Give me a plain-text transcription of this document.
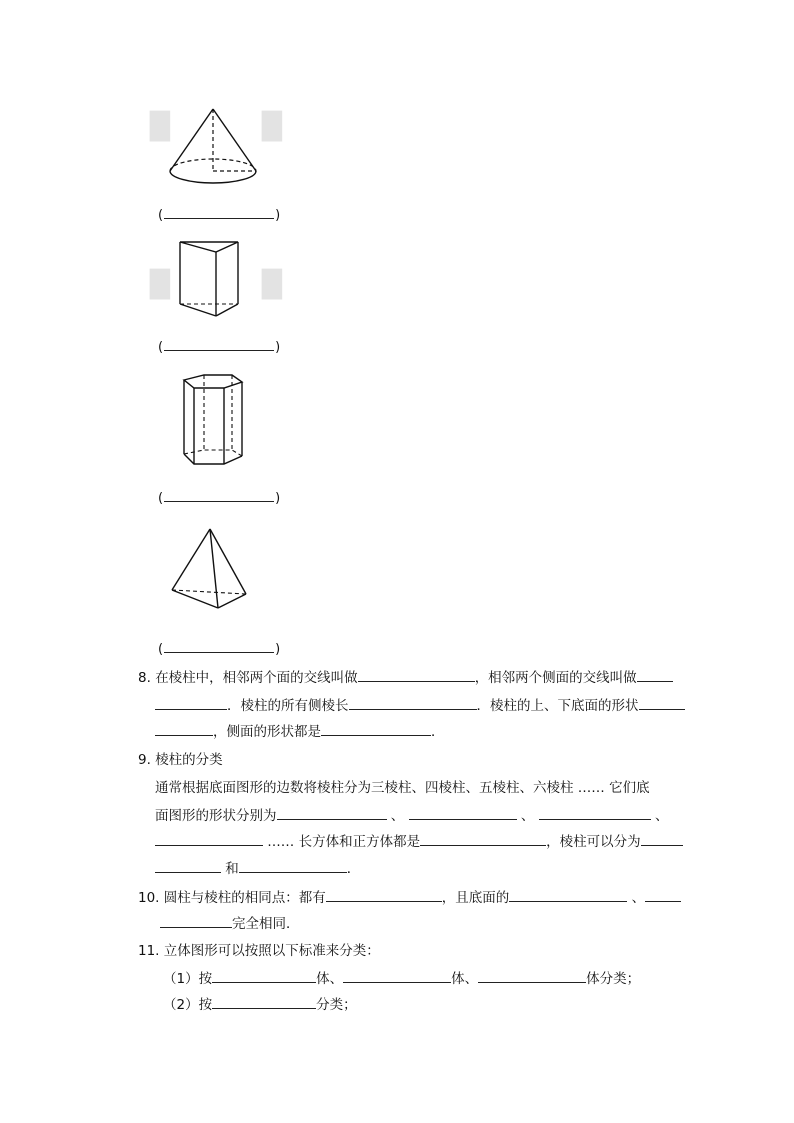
█	█
█	█
(	)
(	)
(	)
(	)
8. 在棱柱中，相邻两个面的交线叫做	，相邻两个侧面的交线叫做
．棱柱的所有侧棱长	．棱柱的上、下底面的形状
，侧面的形状都是	．
9. 棱柱的分类
通常根据底面图形的边数将棱柱分为三棱柱、四棱柱、五棱柱、六棱柱 …… 它们底
面图形的形状分别为	、	、	、
…… 长方体和正方体都是	，棱柱可以分为
和	．
10. 圆柱与棱柱的相同点：都有	，且底面的	、
完全相同．
11. 立体图形可以按照以下标准来分类：
（1）按	体、	体、	体分类；
（2）按	分类；
